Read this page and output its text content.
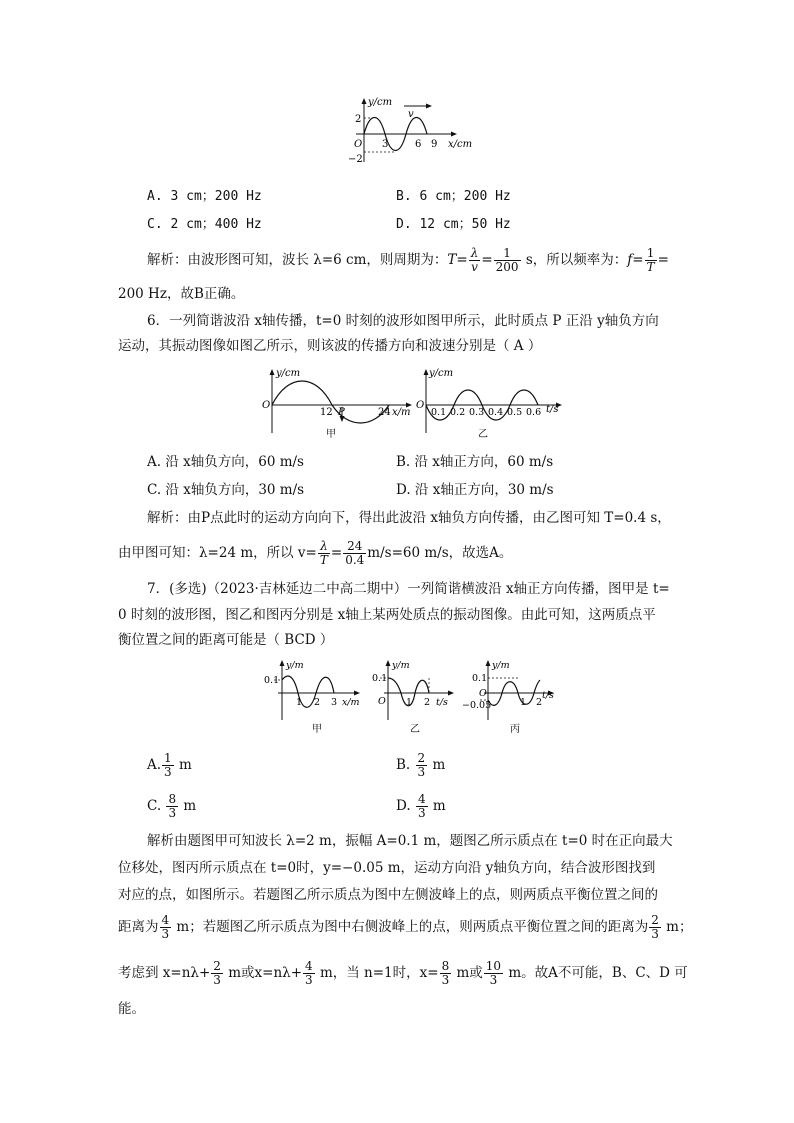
y/cm
v
2
−2
O 3	6 9 x/cm
A. 3 cm；200 Hz	B. 6 cm；200 Hz
C. 2 cm；400 Hz	D. 12 cm；50 Hz
解析：由波形图可知，波长 λ=6 cm，则周期为：$T= \frac{\lambda}{v} = \frac{1}{200}$ s，所以频率为：$f= \frac{1}{T}$ =
200 Hz，故B正确。
6．一列简谐波沿 x轴传播，t=0 时刻的波形如图甲所示，此时质点 P 正沿 y轴负方向
运动，其振动图像如图乙所示，则该波的传播方向和波速分别是（ A ）
y/cm
O
12 P	24 x/m
甲
y/cm
O
0.1 0.2 0.3 0.4 0.5 0.6 t/s
乙
A. 沿 x轴负方向，60 m/s	B. 沿 x轴正方向，60 m/s
C. 沿 x轴负方向，30 m/s	D. 沿 x轴正方向，30 m/s
解析：由P点此时的运动方向向下，得出此波沿 x轴负方向传播，由乙图可知 T=0.4 s，
由甲图可知：λ=24 m，所以 $v= \frac{\lambda}{T} = \frac{24}{0.4} m/s=60$ m/s，故选A。
7．(多选)（2023·吉林延边二中高二期中）一列简谐横波沿 x轴正方向传播，图甲是 t=
0 时刻的波形图，图乙和图丙分别是 x轴上某两处质点的振动图像。由此可知，这两质点平
衡位置之间的距离可能是（ BCD ）
y/m
0.1
1 2 3 x/m
甲
y/m
0.1
O 1 2 t/s
乙
y/m
0.1
−0.05
O
1 2
t/s
丙
A. $\frac{1}{3}$ m	B. $\frac{2}{3}$ m
C. $\frac{8}{3}$ m	D. $\frac{4}{3}$ m
解析由题图甲可知波长 λ=2 m，振幅 A=0.1 m，题图乙所示质点在 t=0 时在正向最大
位移处，图丙所示质点在 t=0时，y=−0.05 m，运动方向沿 y轴负方向，结合波形图找到
对应的点，如图所示。若题图乙所示质点为图中左侧波峰上的点，则两质点平衡位置之间的
距离为 $\frac{4}{3}$ m；若题图乙所示质点为图中右侧波峰上的点，则两质点平衡位置之间的距离为 $\frac{2}{3}$ m；
考虑到 $x=n\lambda+ \frac{2}{3}$ m或$x=n\lambda+ \frac{4}{3}$ m，当 n=1时，$x= \frac{8}{3}$ m或 $\frac{10}{3}$ m。故A不可能，B、C、D 可
能。
